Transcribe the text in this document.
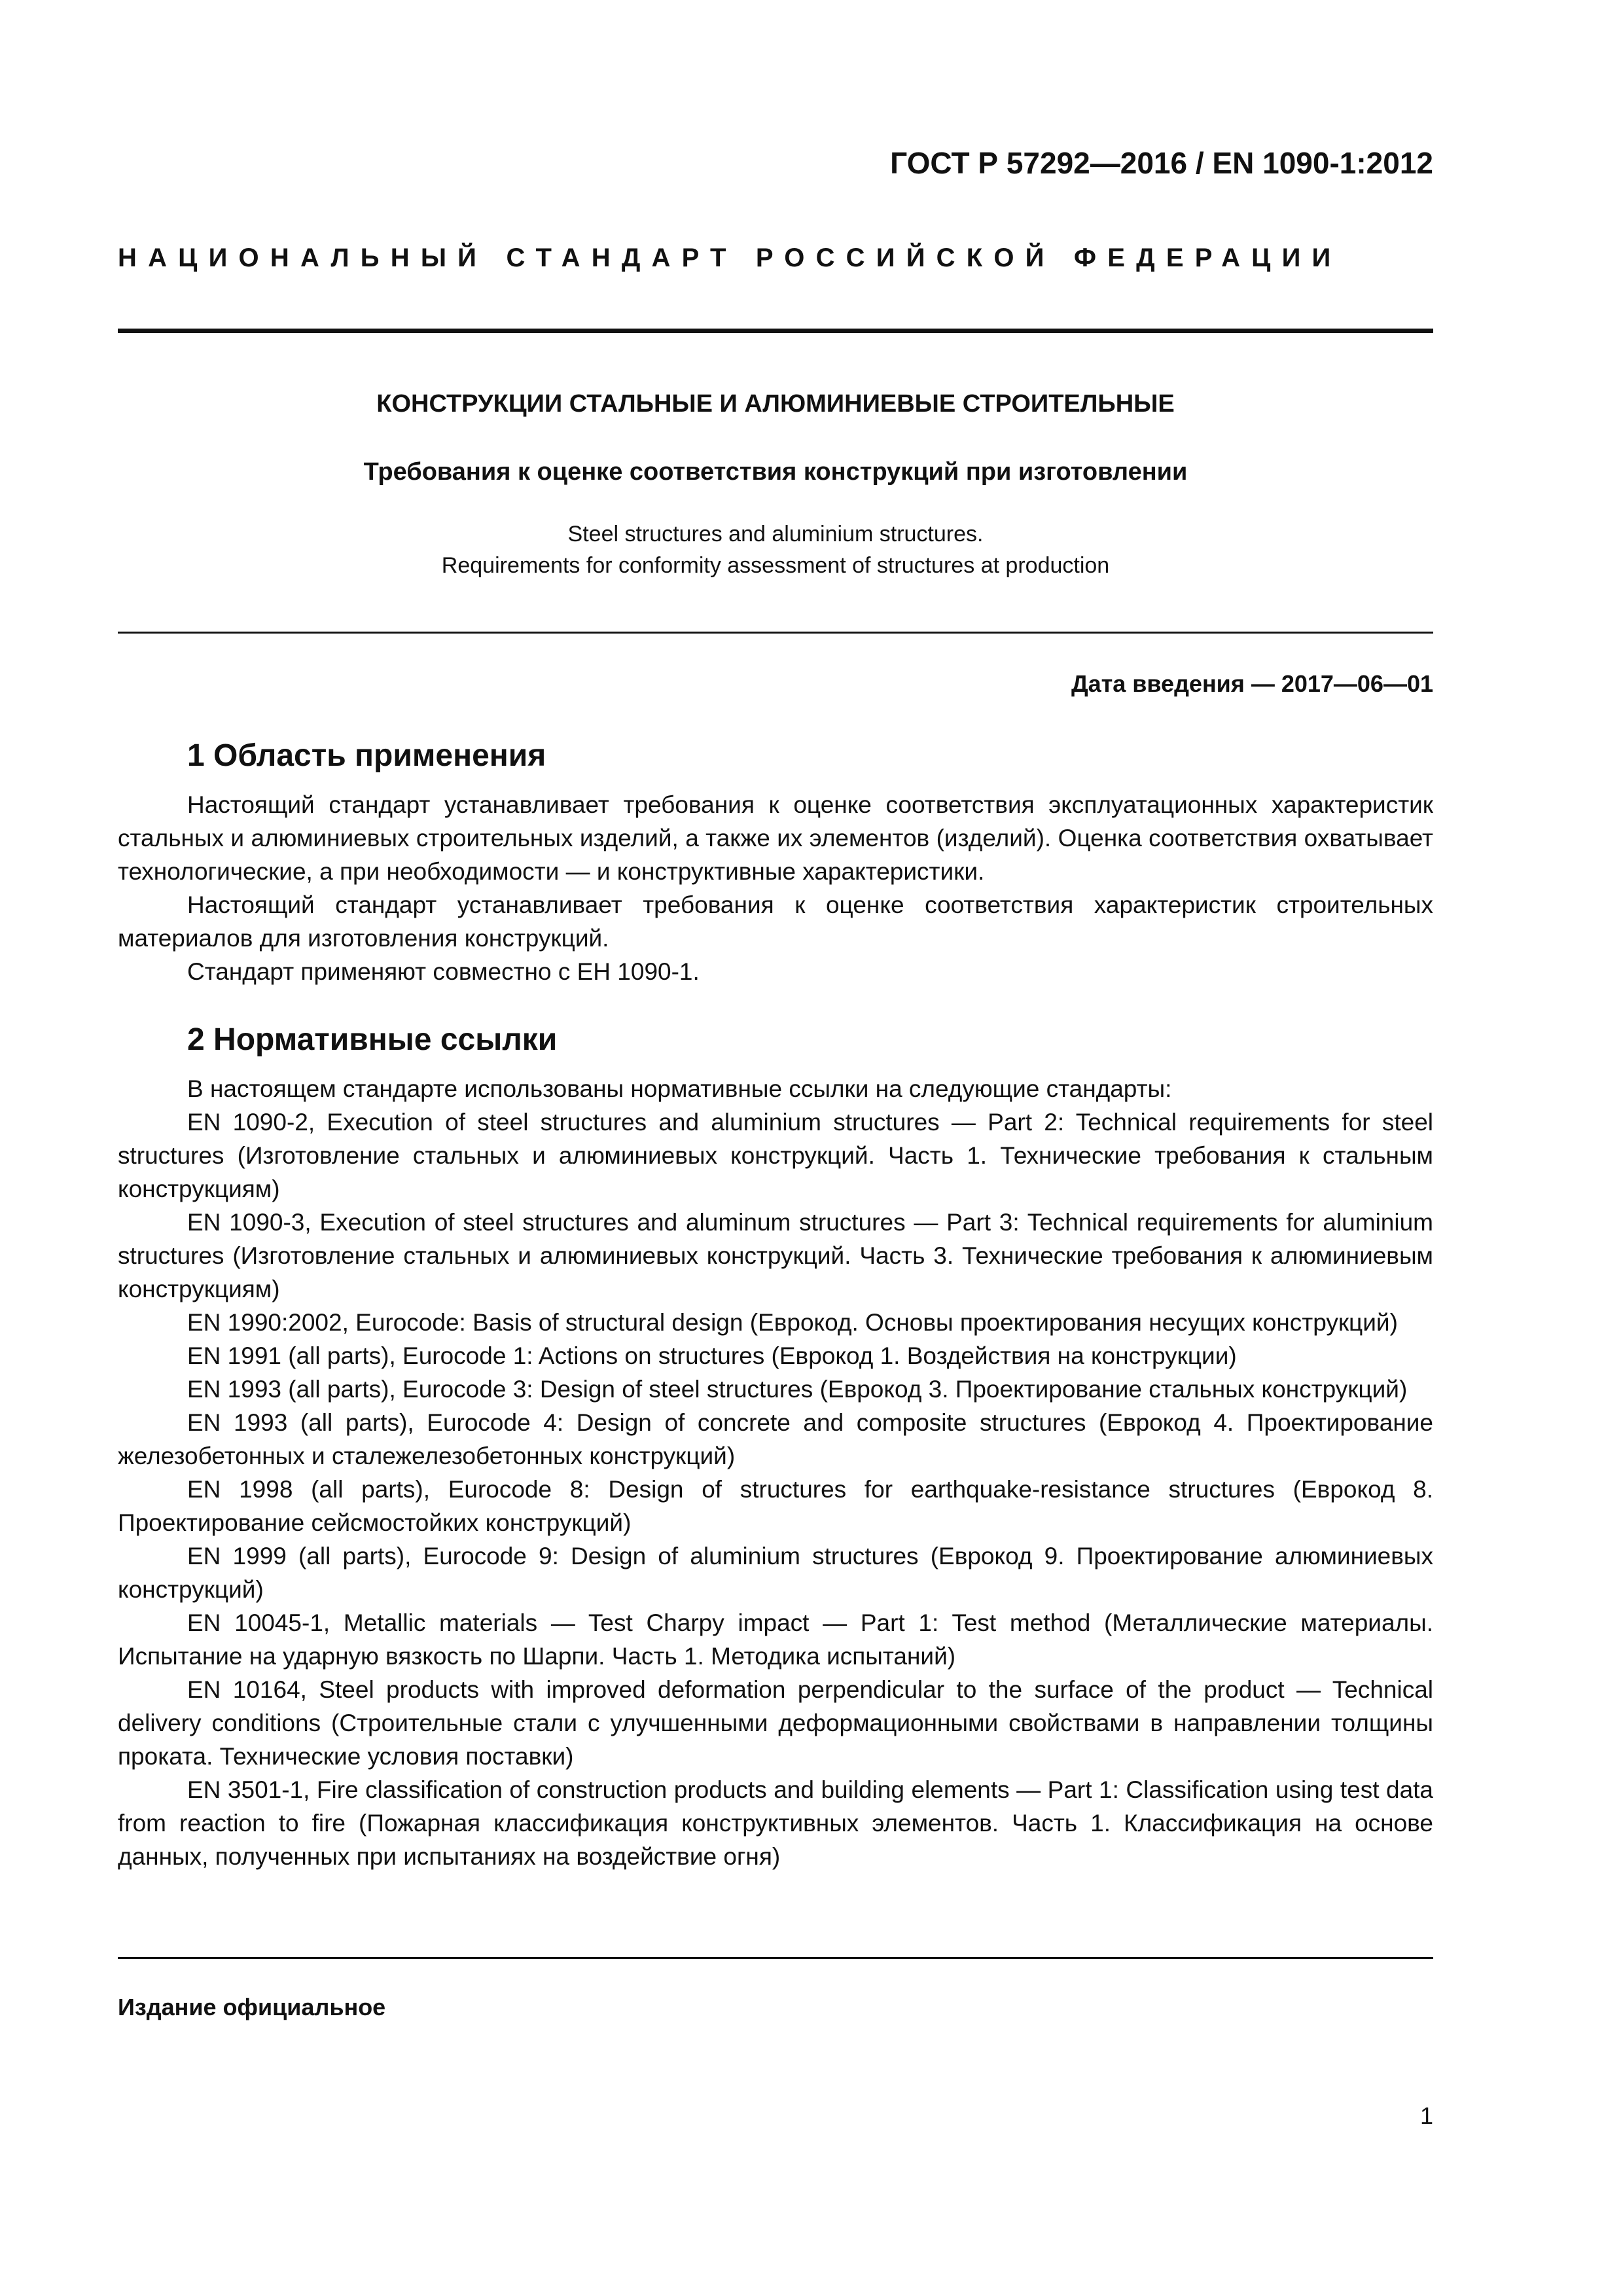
ГОСТ Р 57292—2016 / EN 1090-1:2012

НАЦИОНАЛЬНЫЙ СТАНДАРТ РОССИЙСКОЙ ФЕДЕРАЦИИ

КОНСТРУКЦИИ СТАЛЬНЫЕ И АЛЮМИНИЕВЫЕ СТРОИТЕЛЬНЫЕ

Требования к оценке соответствия конструкций при изготовлении

Steel structures and aluminium structures.
Requirements for conformity assessment of structures at production

Дата введения — 2017—06—01

1 Область применения

Настоящий стандарт устанавливает требования к оценке соответствия эксплуатационных характеристик стальных и алюминиевых строительных изделий, а также их элементов (изделий). Оценка соответствия охватывает технологические, а при необходимости — и конструктивные характеристики.

Настоящий стандарт устанавливает требования к оценке соответствия характеристик строительных материалов для изготовления конструкций.

Стандарт применяют совместно с ЕН 1090-1.

2 Нормативные ссылки

В настоящем стандарте использованы нормативные ссылки на следующие стандарты:

EN 1090-2, Execution of steel structures and aluminium structures — Part 2: Technical requirements for steel structures (Изготовление стальных и алюминиевых конструкций. Часть 1. Технические требования к стальным конструкциям)

EN 1090-3, Execution of steel structures and aluminum structures — Part 3: Technical requirements for aluminium structures (Изготовление стальных и алюминиевых конструкций. Часть 3. Технические требования к алюминиевым конструкциям)

EN 1990:2002, Eurocode: Basis of structural design (Еврокод. Основы проектирования несущих конструкций)

EN 1991 (all parts), Eurocode 1: Actions on structures (Еврокод 1. Воздействия на конструкции)

EN 1993 (all parts), Eurocode 3: Design of steel structures (Еврокод 3. Проектирование стальных конструкций)

EN 1993 (all parts), Eurocode 4: Design of concrete and composite structures (Еврокод 4. Проектирование железобетонных и сталежелезобетонных конструкций)

EN 1998 (all parts), Eurocode 8: Design of structures for earthquake-resistance structures (Еврокод 8. Проектирование сейсмостойких конструкций)

EN 1999 (all parts), Eurocode 9: Design of aluminium structures (Еврокод 9. Проектирование алюминиевых конструкций)

EN 10045-1, Metallic materials — Test Charpy impact — Part 1: Test method (Металлические материалы. Испытание на ударную вязкость по Шарпи. Часть 1. Методика испытаний)

EN 10164, Steel products with improved deformation perpendicular to the surface of the product — Technical delivery conditions (Строительные стали с улучшенными деформационными свойствами в направлении толщины проката. Технические условия поставки)

EN 3501-1, Fire classification of construction products and building elements — Part 1: Classification using test data from reaction to fire (Пожарная классификация конструктивных элементов. Часть 1. Классификация на основе данных, полученных при испытаниях на воздействие огня)

Издание официальное

1
